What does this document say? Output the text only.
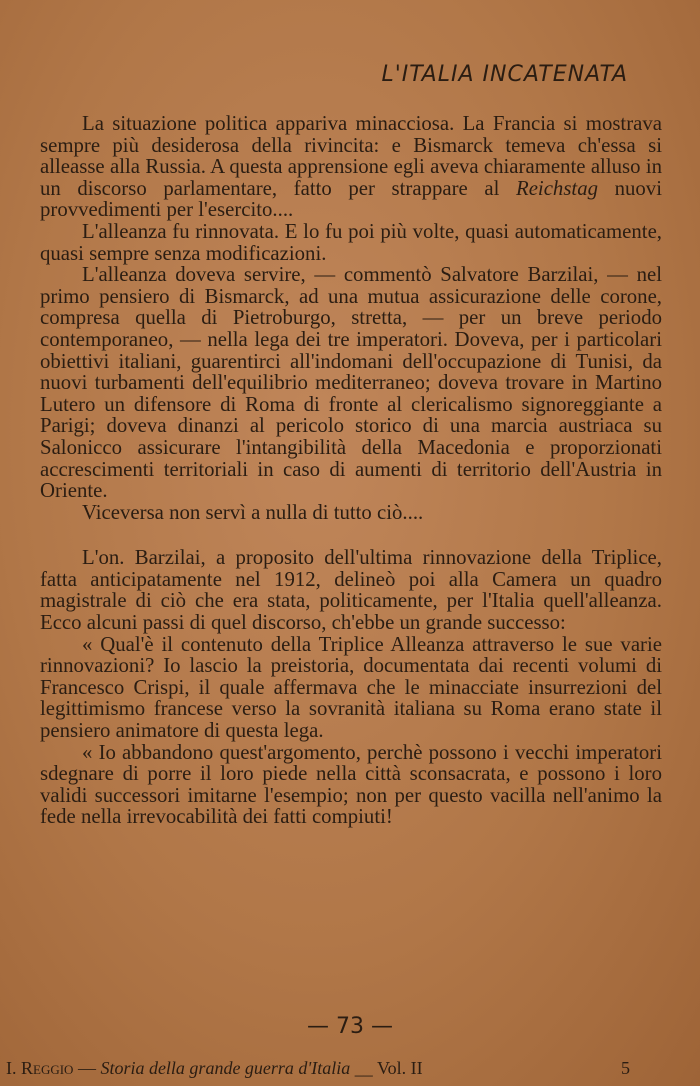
L'ITALIA INCATENATA

La situazione politica appariva minacciosa. La Francia si mostrava sempre più desiderosa della rivincita: e Bismarck temeva ch'essa si alleasse alla Russia. A questa apprensione egli aveva chiaramente alluso in un discorso parlamentare, fatto per strappare al Reichstag nuovi provvedimenti per l'esercito....

L'alleanza fu rinnovata. E lo fu poi più volte, quasi automaticamente, quasi sempre senza modificazioni.

L'alleanza doveva servire, — commentò Salvatore Barzilai, — nel primo pensiero di Bismarck, ad una mutua assicurazione delle corone, compresa quella di Pietroburgo, stretta, — per un breve periodo contemporaneo, — nella lega dei tre imperatori. Doveva, per i particolari obiettivi italiani, guarentirci all'indomani dell'occupazione di Tunisi, da nuovi turbamenti dell'equilibrio mediterraneo; doveva trovare in Martino Lutero un difensore di Roma di fronte al clericalismo signoreggiante a Parigi; doveva dinanzi al pericolo storico di una marcia austriaca su Salonicco assicurare l'intangibilità della Macedonia e proporzionati accrescimenti territoriali in caso di aumenti di territorio dell'Austria in Oriente.

Viceversa non servì a nulla di tutto ciò....

L'on. Barzilai, a proposito dell'ultima rinnovazione della Triplice, fatta anticipatamente nel 1912, delineò poi alla Camera un quadro magistrale di ciò che era stata, politicamente, per l'Italia quell'alleanza. Ecco alcuni passi di quel discorso, ch'ebbe un grande successo:

« Qual'è il contenuto della Triplice Alleanza attraverso le sue varie rinnovazioni? Io lascio la preistoria, documentata dai recenti volumi di Francesco Crispi, il quale affermava che le minacciate insurrezioni del legittimismo francese verso la sovranità italiana su Roma erano state il pensiero animatore di questa lega.

« Io abbandono quest'argomento, perchè possono i vecchi imperatori sdegnare di porre il loro piede nella città sconsacrata, e possono i loro validi successori imitarne l'esempio; non per questo vacilla nell'animo la fede nella irrevocabilità dei fatti compiuti!

— 73 —
I. Reggio — Storia della grande guerra d'Italia __ Vol. II	5
